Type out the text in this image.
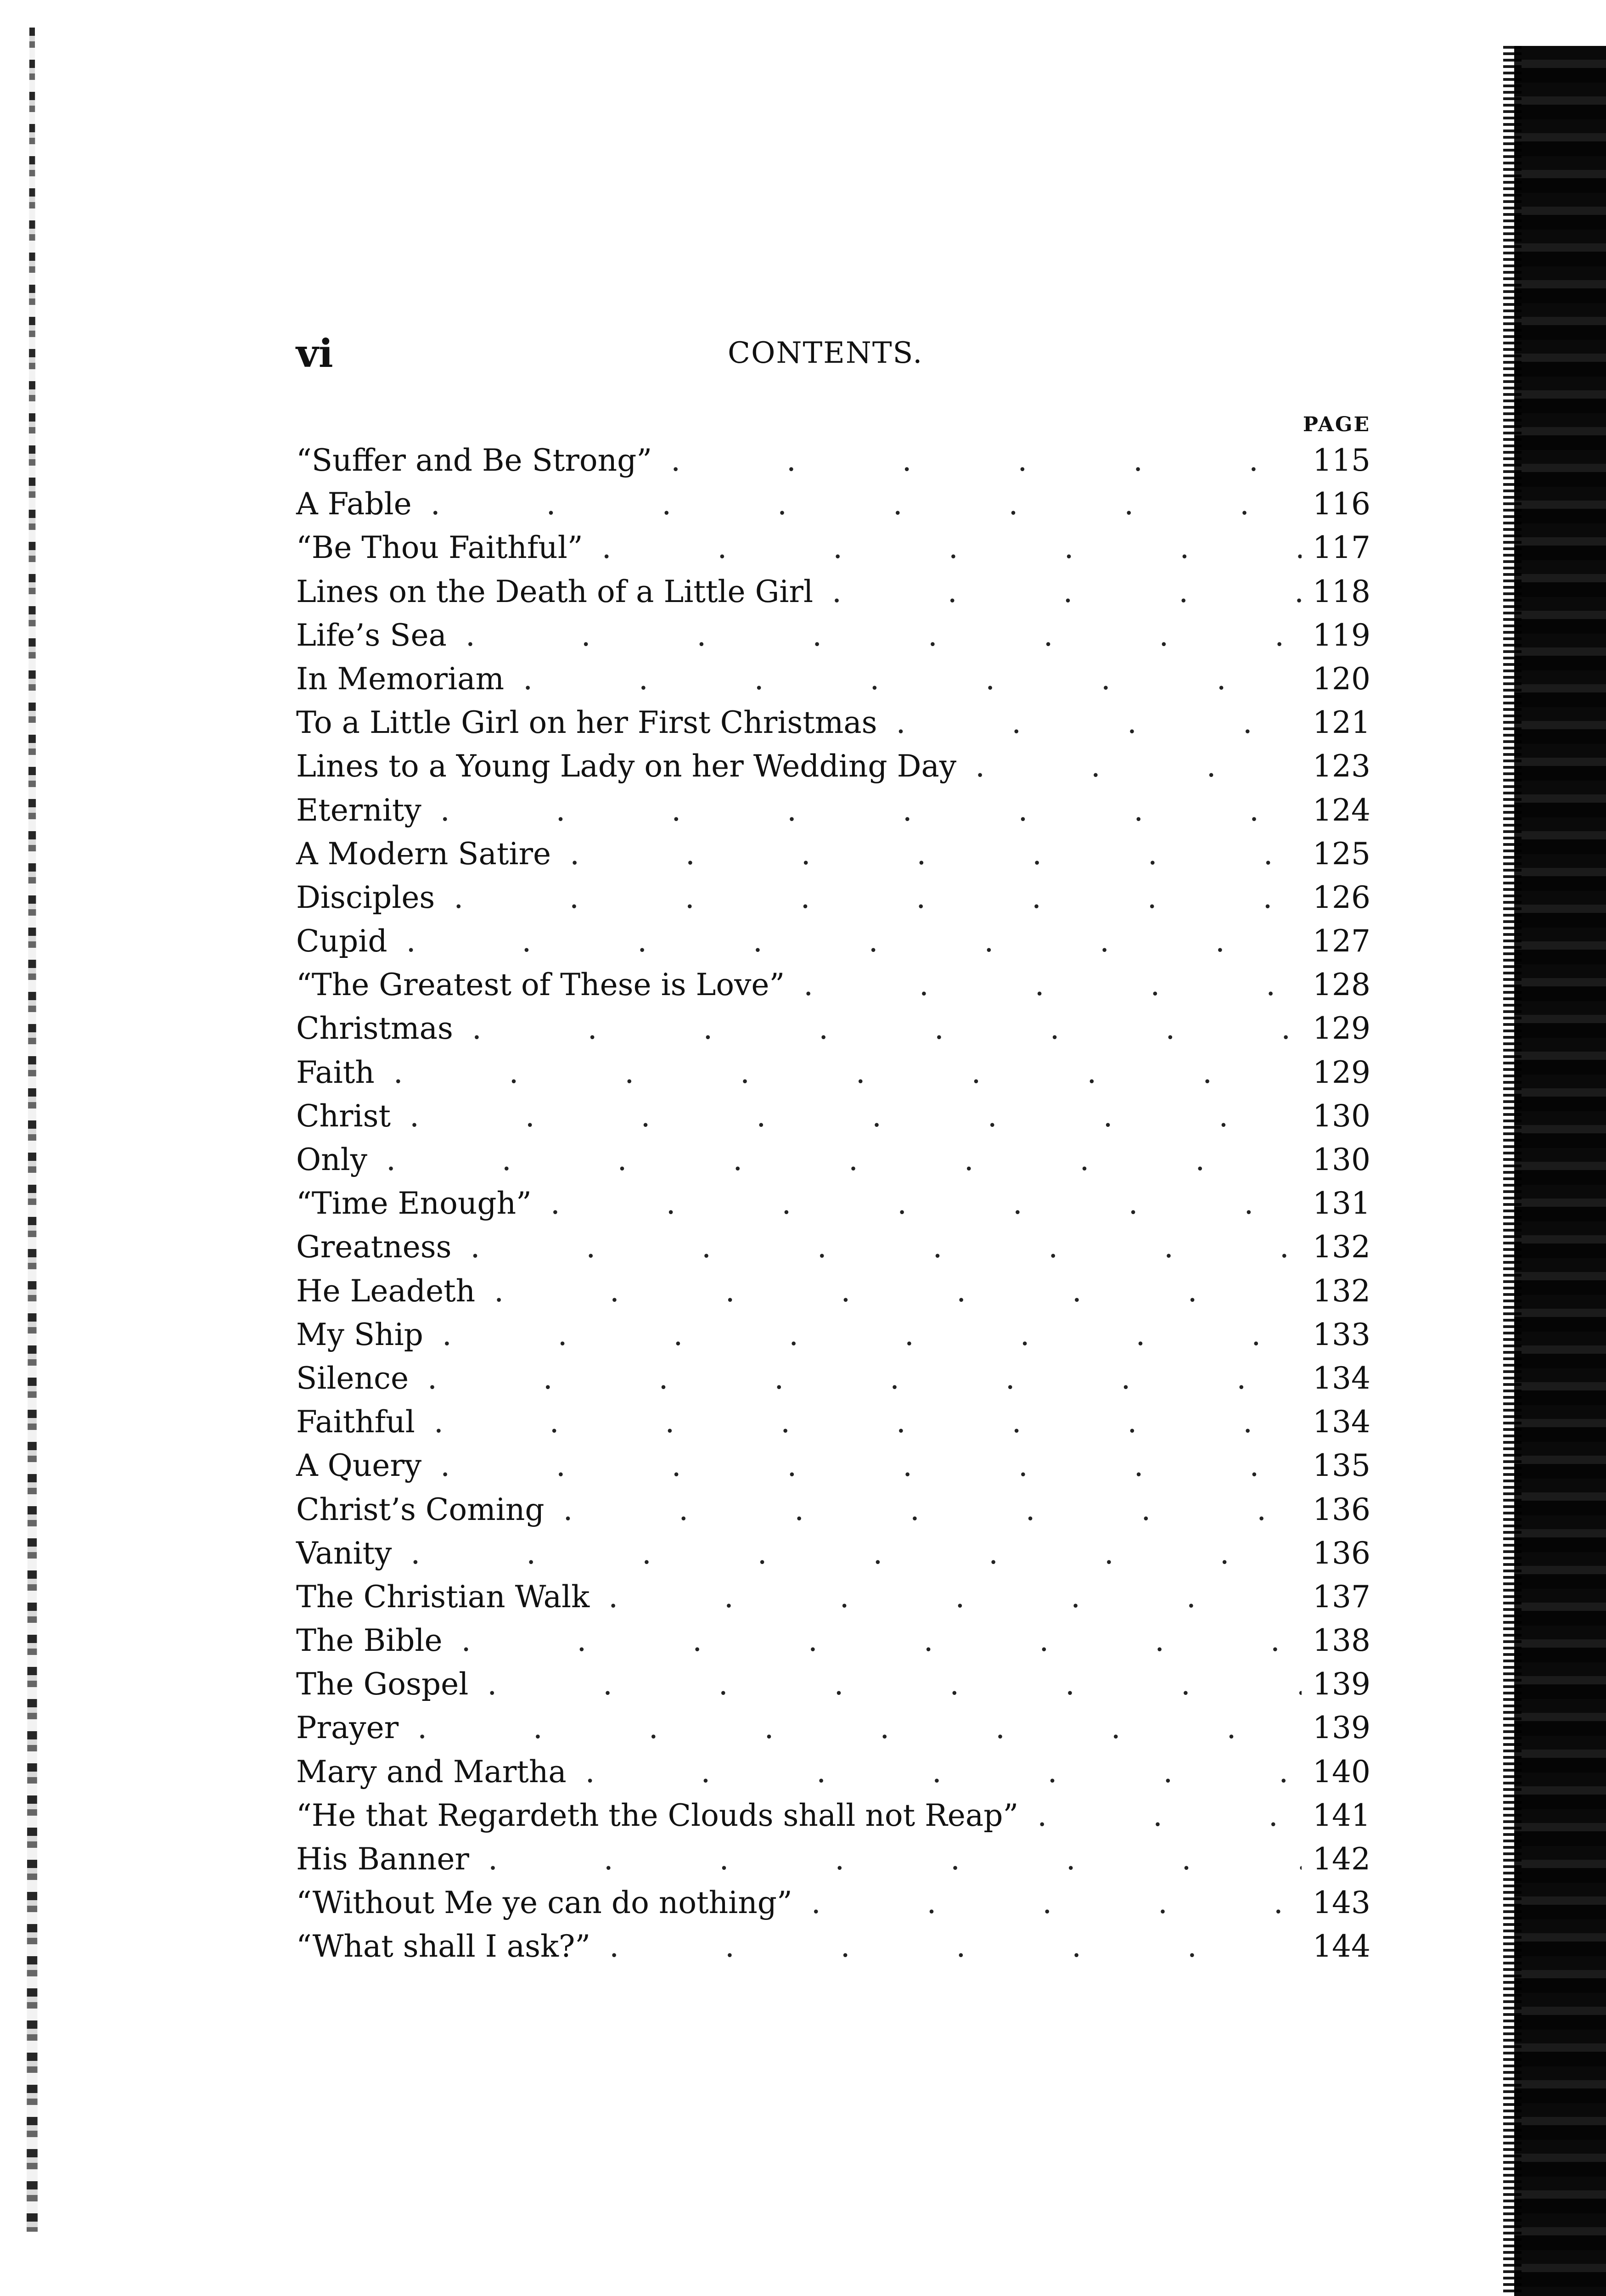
vi	CONTENTS.
PAGE
“Suffer and Be Strong” .	115
A Fable .	116
“Be Thou Faithful” .	117
Lines on the Death of a Little Girl .	118
Life’s Sea .	119
In Memoriam .	120
To a Little Girl on her First Christmas .	121
Lines to a Young Lady on her Wedding Day .	123
Eternity .	124
A Modern Satire .	125
Disciples .	126
Cupid .	127
“The Greatest of These is Love” .	128
Christmas .	129
Faith .	129
Christ .	130
Only .	130
“Time Enough” .	131
Greatness .	132
He Leadeth .	132
My Ship .	133
Silence .	134
Faithful .	134
A Query .	135
Christ’s Coming .	136
Vanity .	136
The Christian Walk .	137
The Bible .	138
The Gospel .	139
Prayer .	139
Mary and Martha .	140
“He that Regardeth the Clouds shall not Reap” .	141
His Banner .	142
“Without Me ye can do nothing” .	143
“What shall I ask?” .	144
